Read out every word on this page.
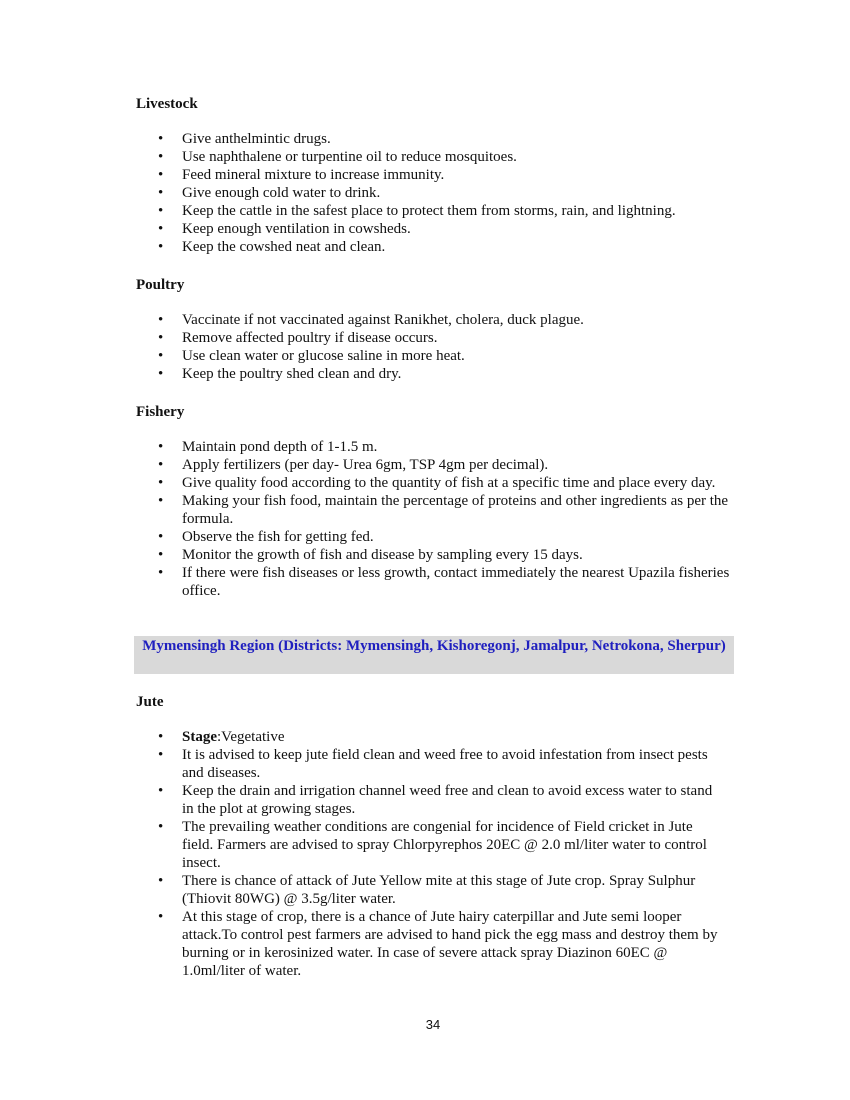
Livestock
• Give anthelmintic drugs.
• Use naphthalene or turpentine oil to reduce mosquitoes.
• Feed mineral mixture to increase immunity.
• Give enough cold water to drink.
• Keep the cattle in the safest place to protect them from storms, rain, and lightning.
• Keep enough ventilation in cowsheds.
• Keep the cowshed neat and clean.
Poultry
• Vaccinate if not vaccinated against Ranikhet, cholera, duck plague.
• Remove affected poultry if disease occurs.
• Use clean water or glucose saline in more heat.
• Keep the poultry shed clean and dry.
Fishery
• Maintain pond depth of 1-1.5 m.
• Apply fertilizers (per day- Urea 6gm, TSP 4gm per decimal).
• Give quality food according to the quantity of fish at a specific time and place every day.
• Making your fish food, maintain the percentage of proteins and other ingredients as per the formula.
• Observe the fish for getting fed.
• Monitor the growth of fish and disease by sampling every 15 days.
• If there were fish diseases or less growth, contact immediately the nearest Upazila fisheries office.
Mymensingh Region (Districts: Mymensingh, Kishoregonj, Jamalpur, Netrokona, Sherpur)
Jute
• Stage:Vegetative
• It is advised to keep jute field clean and weed free to avoid infestation from insect pests and diseases.
• Keep the drain and irrigation channel weed free and clean to avoid excess water to stand in the plot at growing stages.
• The prevailing weather conditions are congenial for incidence of Field cricket in Jute field. Farmers are advised to spray Chlorpyrephos 20EC @ 2.0 ml/liter water to control insect.
• There is chance of attack of Jute Yellow mite at this stage of Jute crop. Spray Sulphur (Thiovit 80WG) @ 3.5g/liter water.
• At this stage of crop, there is a chance of Jute hairy caterpillar and Jute semi looper attack.To control pest farmers are advised to hand pick the egg mass and destroy them by burning or in kerosinized water. In case of severe attack spray Diazinon 60EC @ 1.0ml/liter of water.
34
